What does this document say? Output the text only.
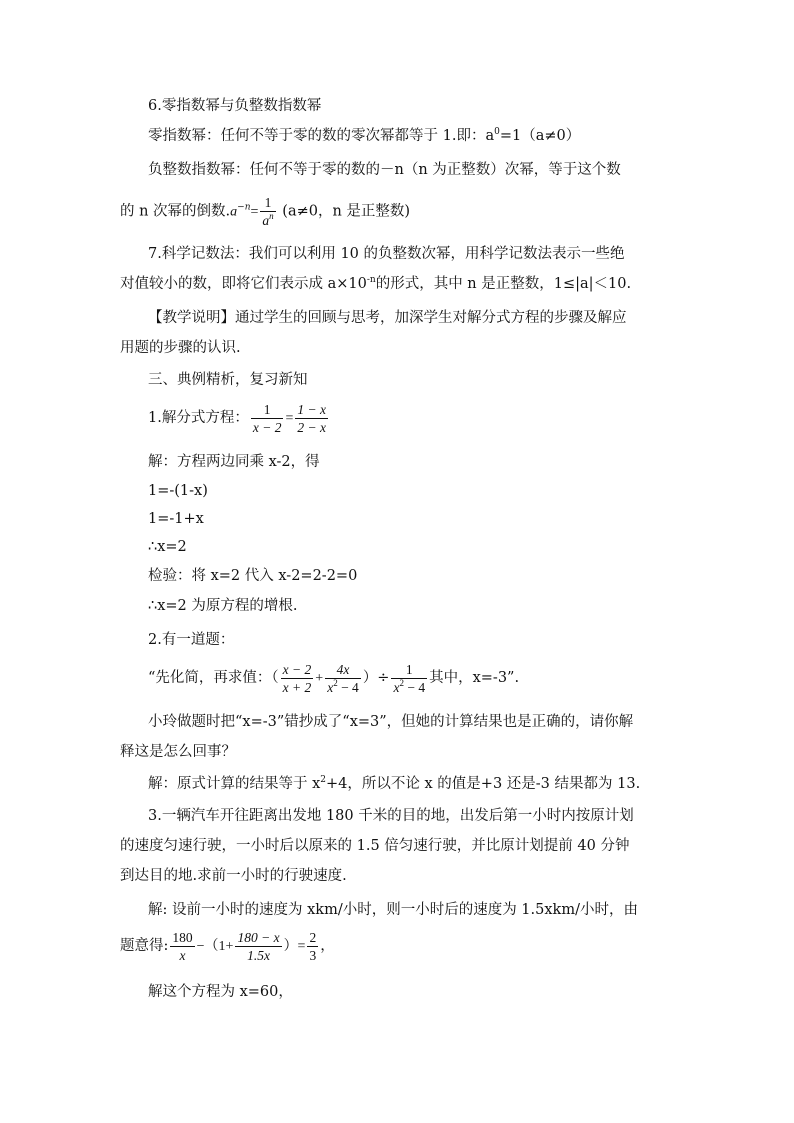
6.零指数幂与负整数指数幂
零指数幂：任何不等于零的数的零次幂都等于 1.即：$a^0=1(a\ne 0)$
负整数指数幂：任何不等于零的数的－n（n 为正整数）次幂，等于这个数
的 n 次幂的倒数$.a^{-n}= \frac{1}{a^n} (a\ne 0$，n 是正整数)
7.科学记数法：我们可以利用 10 的负整数次幂，用科学记数法表示一些绝
对值较小的数，即将它们表示成 $a\times 10^{-n}$的形式，其中 n 是正整数，1≤|a|＜10.
【教学说明】通过学生的回顾与思考，加深学生对解分式方程的步骤及解应
用题的步骤的认识.
三、典例精析，复习新知
1.解分式方程： $\frac{1}{x - 2} = \frac{1 - x}{2 - x}$
解：方程两边同乘 x-2，得
1=-(1-x)
1=-1+x
∴x=2
检验：将 x=2 代入 x-2=2-2=0
∴x=2 为原方程的增根.
2.有一道题：
“先化简，再求值：（ $\frac{x - 2}{x + 2} + \frac{4x}{x^2 - 4}$ ）÷ $\frac{1}{x^2 - 4}$ 其中，x=-3”.
小玲做题时把“x=-3”错抄成了“x=3”，但她的计算结果也是正确的，请你解
释这是怎么回事？
解：原式计算的结果等于 $x^2+4$，所以不论 x 的值是+3 还是-3 结果都为 13.
3.一辆汽车开往距离出发地 180 千米的目的地，出发后第一小时内按原计划
的速度匀速行驶，一小时后以原来的 1.5 倍匀速行驶，并比原计划提前 40 分钟
到达目的地.求前一小时的行驶速度.
解: 设前一小时的速度为 xkm/小时，则一小时后的速度为 1.5xkm/小时，由
题意得: $\frac{180}{x} -(1+ \frac{180 - x}{1.5x}$ ）= $\frac{2}{3}$ ，
解这个方程为 x=60，
